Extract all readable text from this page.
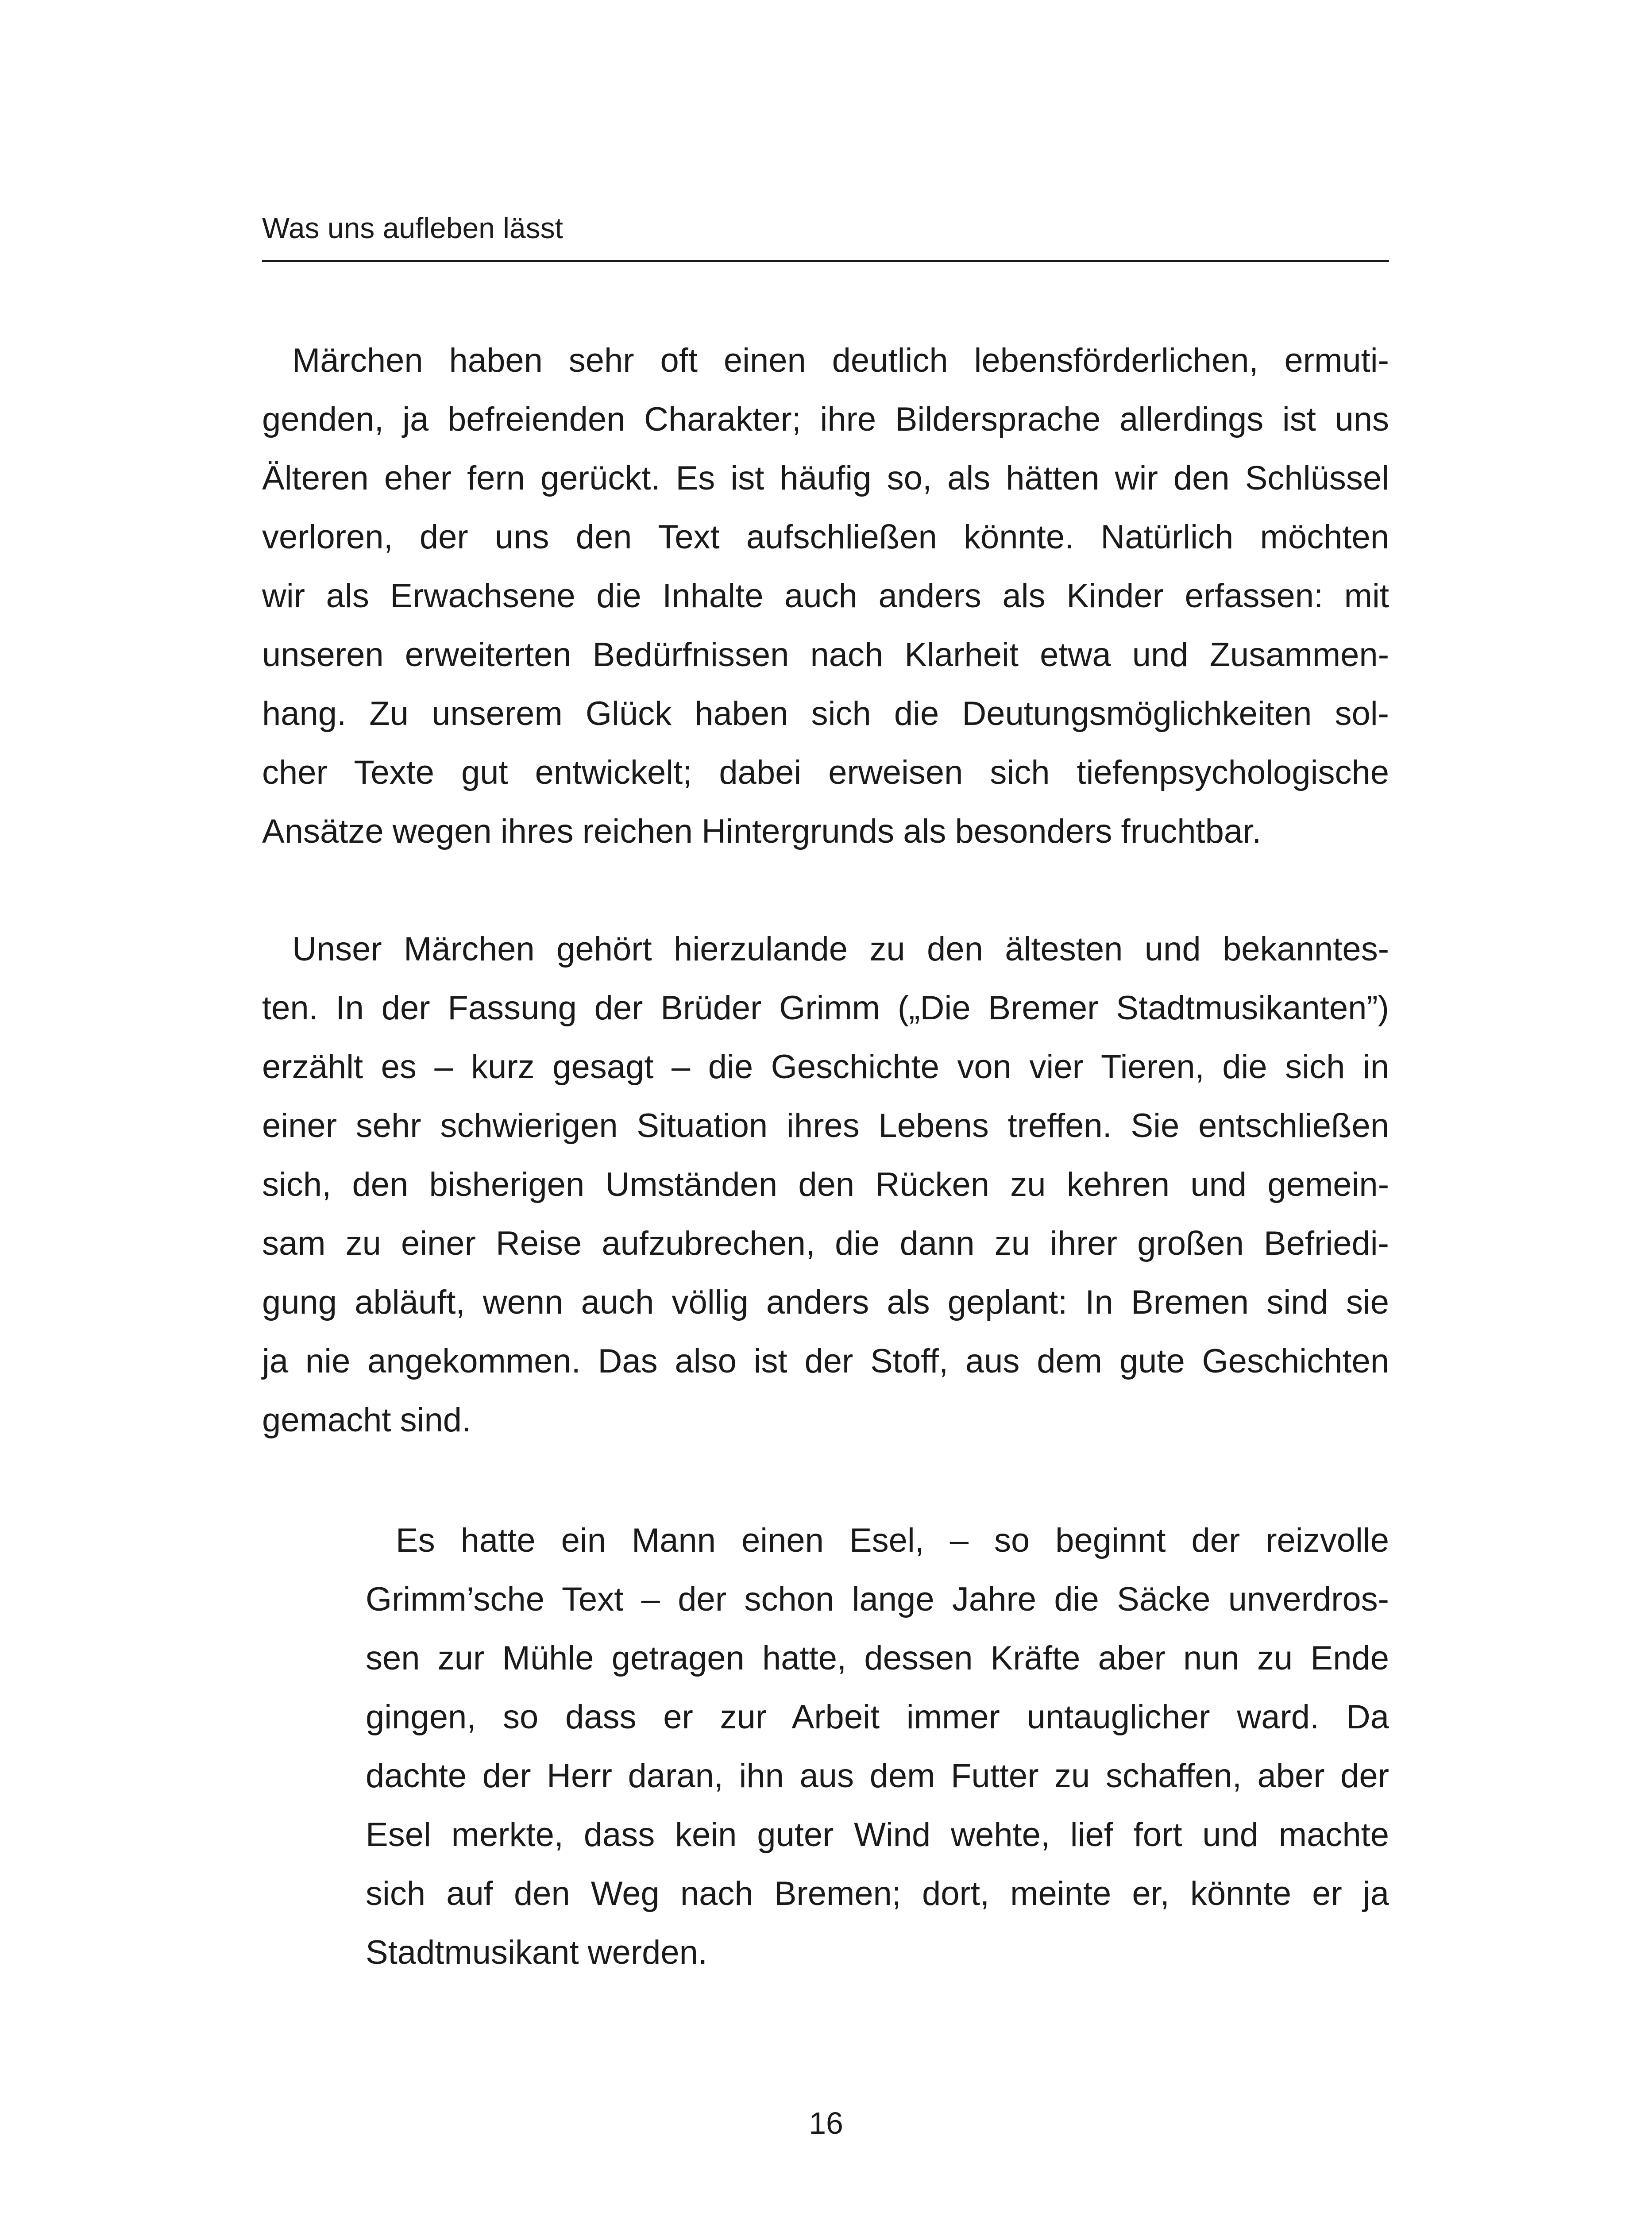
Was uns aufleben lässt

Märchen haben sehr oft einen deutlich lebensförderlichen, ermuti-
genden, ja befreienden Charakter; ihre Bildersprache allerdings ist uns
Älteren eher fern gerückt. Es ist häufig so, als hätten wir den Schlüssel
verloren, der uns den Text aufschließen könnte. Natürlich möchten
wir als Erwachsene die Inhalte auch anders als Kinder erfassen: mit
unseren erweiterten Bedürfnissen nach Klarheit etwa und Zusammen-
hang. Zu unserem Glück haben sich die Deutungsmöglichkeiten sol-
cher Texte gut entwickelt; dabei erweisen sich tiefenpsychologische
Ansätze wegen ihres reichen Hintergrunds als besonders fruchtbar.

Unser Märchen gehört hierzulande zu den ältesten und bekanntes-
ten. In der Fassung der Brüder Grimm („Die Bremer Stadtmusikanten”)
erzählt es – kurz gesagt – die Geschichte von vier Tieren, die sich in
einer sehr schwierigen Situation ihres Lebens treffen. Sie entschließen
sich, den bisherigen Umständen den Rücken zu kehren und gemein-
sam zu einer Reise aufzubrechen, die dann zu ihrer großen Befriedi-
gung abläuft, wenn auch völlig anders als geplant: In Bremen sind sie
ja nie angekommen. Das also ist der Stoff, aus dem gute Geschichten
gemacht sind.

Es hatte ein Mann einen Esel, – so beginnt der reizvolle
Grimm’sche Text – der schon lange Jahre die Säcke unverdros-
sen zur Mühle getragen hatte, dessen Kräfte aber nun zu Ende
gingen, so dass er zur Arbeit immer untauglicher ward. Da
dachte der Herr daran, ihn aus dem Futter zu schaffen, aber der
Esel merkte, dass kein guter Wind wehte, lief fort und machte
sich auf den Weg nach Bremen; dort, meinte er, könnte er ja
Stadtmusikant werden.

16
